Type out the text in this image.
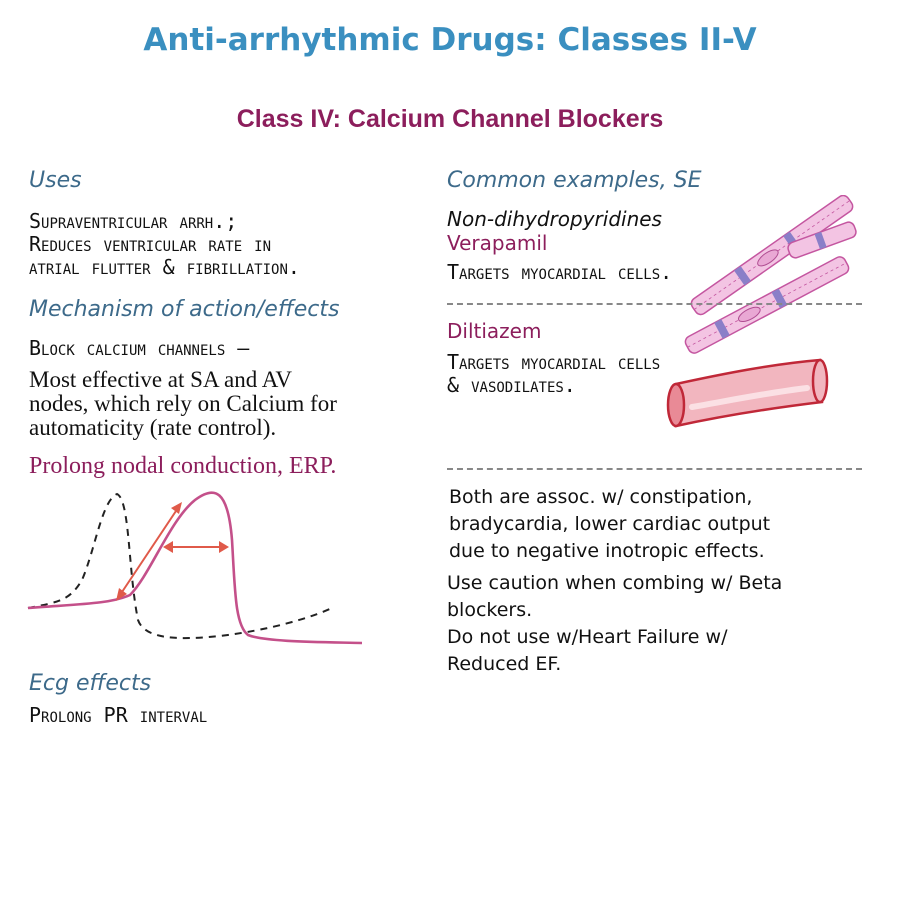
Anti-arrhythmic Drugs: Classes II-V
Class IV: Calcium Channel Blockers
Uses
Supraventricular arrh.;
Reduces ventricular rate in
atrial flutter & fibrillation.
Mechanism of action/effects
Block calcium channels —
Most effective at SA and AV
nodes, which rely on Calcium for
automaticity (rate control).
Prolong nodal conduction, ERP.
Ecg effects
Prolong PR interval
Common examples, SE
Non-dihydropyridines
Verapamil
Targets myocardial cells.
Diltiazem
Targets myocardial cells
& vasodilates.
Both are assoc. w/ constipation,
bradycardia, lower cardiac output
due to negative inotropic effects.
Use caution when combing w/ Beta
blockers.
Do not use w/Heart Failure w/
Reduced EF.
